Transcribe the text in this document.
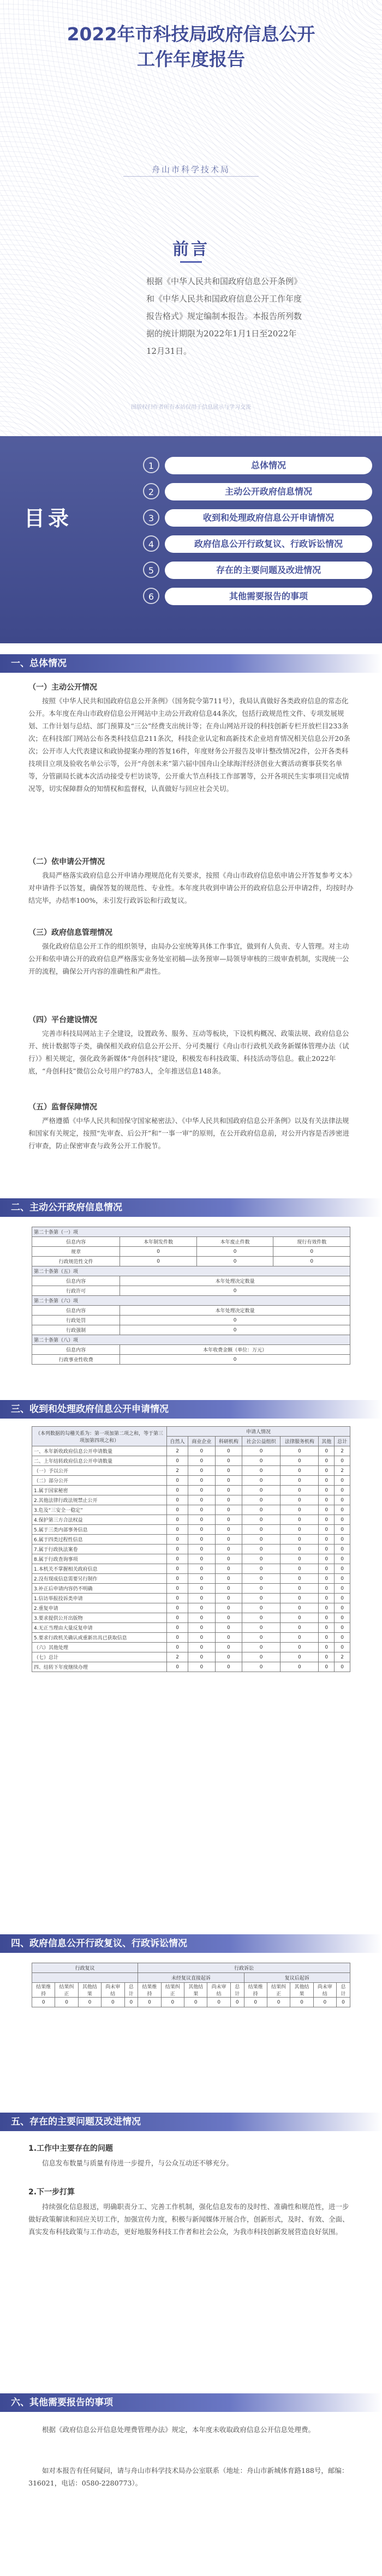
2022年市科技局政府信息公开
工作年度报告
舟山市科学技术局
前言
根据《中华人民共和国政府信息公开条例》和《中华人民共和国政府信息公开工作年度报告格式》规定编制本报告。本报告所列数据的统计期限为2022年1月1日至2022年12月31日。
图版权归作者所有本站仅用于信息展示与学习交流
目录
1	总体情况
2	主动公开政府信息情况
3	收到和处理政府信息公开申请情况
4	政府信息公开行政复议、行政诉讼情况
5	存在的主要问题及改进情况
6	其他需要报告的事项
一、总体情况
（一）主动公开情况
按照《中华人民共和国政府信息公开条例》（国务院令第711号），我局认真做好各类政府信息的常态化公开。本年度在舟山市政府信息公开网站中主动公开政府信息44条次，包括行政规范性文件、专项发展规划、工作计划与总结、部门预算及“三公”经费支出统计等；在舟山网站开设的科技创新专栏开放栏目233条次；在科技部门网站公布各类科技信息211条次，科技企业认定和高新技术企业培育情况相关信息公开20条次；公开市人大代表建议和政协提案办理的答复16件，年度财务公开报告及审计整改情况2件，公开各类科技项目立项及验收名单公示等，公开“舟创未来”第六届中国舟山全球海洋经济创业大赛活动赛事获奖名单等，分管副局长就本次活动接受专栏访谈等，公开重大节点科技工作部署等，公开各项民生实事项目完成情况等，切实保障群众的知情权和监督权，认真做好与回应社会关切。
（二）依申请公开情况
我局严格落实政府信息公开申请办理规范化有关要求，按照《舟山市政府信息依申请公开答复参考文本》对申请件予以答复，确保答复的规范性、专业性。本年度共收到申请公开的政府信息公开申请2件，均按时办结完毕，办结率100%，未引发行政诉讼和行政复议。
（三）政府信息管理情况
强化政府信息公开工作的组织领导，由局办公室统筹具体工作事宜，做到有人负责、专人管理。对主动公开和依申请公开的政府信息严格落实业务处室初稿—法务预审—局领导审核的三级审查机制，实现统一公开的流程，确保公开内容的准确性和严肃性。
（四）平台建设情况
完善市科技局网站主子全建设，设置政务、服务、互动等板块，下设机构概况、政策法规、政府信息公开、统计数据等子类，确保相关政府信息公开公开、分可类履行《舟山市行政机关政务新媒体管理办法（试行）》相关规定，强化政务新媒体“舟创科技”建设，积极发布科技政策、科技活动等信息。截止2022年底，“舟创科技”微信公众号用户约783人，全年推送信息148条。
（五）监督保障情况
严格遵循《中华人民共和国保守国家秘密法》、《中华人民共和国政府信息公开条例》以及有关法律法规和国家有关规定，按照“先审查、后公开”和“一事一审”的原则，在公开政府信息前，对公开内容是否涉密进行审查，防止保密审查与政务公开工作脱节。
二、主动公开政府信息情况
第二十条第（一）项			
信息内容	本年制发件数	本年废止件数	现行有效件数
规章	0	0	0
行政规范性文件	0	0	0
第二十条第（五）项			
信息内容	本年处理决定数量		
行政许可	0		
第二十条第（六）项			
信息内容	本年处理决定数量		
行政处罚	0		
行政强制	0		
第二十条第（八）项			
信息内容	本年收费金额（单位：万元）		
行政事业性收费	0		
三、收到和处理政府信息公开申请情况
（本列数据的勾稽关系为：第一项加第二项之和，等于第三项加第四项之和）	申请人情况						
	自然人	商业企业	科研机构	社会公益组织	法律服务机构	其他	总计
一、本年新收政府信息公开申请数量	2	0	0	0	0	0	2
二、上年结转政府信息公开申请数量	0	0	0	0	0	0	0
（一）予以公开	2	0	0	0	0	0	2
（二）部分公开	0	0	0	0	0	0	0
1.属于国家秘密	0	0	0	0	0	0	0
2.其他法律行政法规禁止公开	0	0	0	0	0	0	0
3.危及“三安全一稳定”	0	0	0	0	0	0	0
4.保护第三方合法权益	0	0	0	0	0	0	0
5.属于三类内部事务信息	0	0	0	0	0	0	0
6.属于四类过程性信息	0	0	0	0	0	0	0
7.属于行政执法案卷	0	0	0	0	0	0	0
8.属于行政查询事项	0	0	0	0	0	0	0
1.本机关不掌握相关政府信息	0	0	0	0	0	0	0
2.没有现成信息需要另行制作	0	0	0	0	0	0	0
3.补正后申请内容仍不明确	0	0	0	0	0	0	0
1.信访举报投诉类申请	0	0	0	0	0	0	0
2.重复申请	0	0	0	0	0	0	0
3.要求提供公开出版物	0	0	0	0	0	0	0
4.无正当理由大量反复申请	0	0	0	0	0	0	0
5.要求行政机关确认或重新出具已获取信息	0	0	0	0	0	0	0
（六）其他处理	0	0	0	0	0	0	0
（七）总计	2	0	0	0	0	0	2
四、结转下年度继续办理	0	0	0	0	0	0	0
四、政府信息公开行政复议、行政诉讼情况
行政复议					行政诉讼									
					未经复议直接起诉					复议后起诉				
结果维持	结果纠正	其他结果	尚未审结	总计	结果维持	结果纠正	其他结果	尚未审结	总计	结果维持	结果纠正	其他结果	尚未审结	总计
0	0	0	0	0	0	0	0	0	0	0	0	0	0	0
五、存在的主要问题及改进情况
1.工作中主要存在的问题
信息发布数量与质量有待进一步提升，与公众互动还不够充分。
2.下一步打算
持续强化信息报送，明确职责分工、完善工作机制，强化信息发布的及时性、准确性和规范性，进一步做好政策解读和回应关切工作，加强宣传力度，积极与新闻媒体开展合作，创新形式，及时、有效、全面、真实发布科技政策与工作动态，更好地服务科技工作者和社会公众，为我市科技创新发展营造良好氛围。
六、其他需要报告的事项
根据《政府信息公开信息处理费管理办法》规定，本年度未收取政府信息公开信息处理费。
如对本报告有任何疑问，请与舟山市科学技术局办公室联系（地址：舟山市新城体育路188号，邮编：316021，电话：0580-2280773）。
